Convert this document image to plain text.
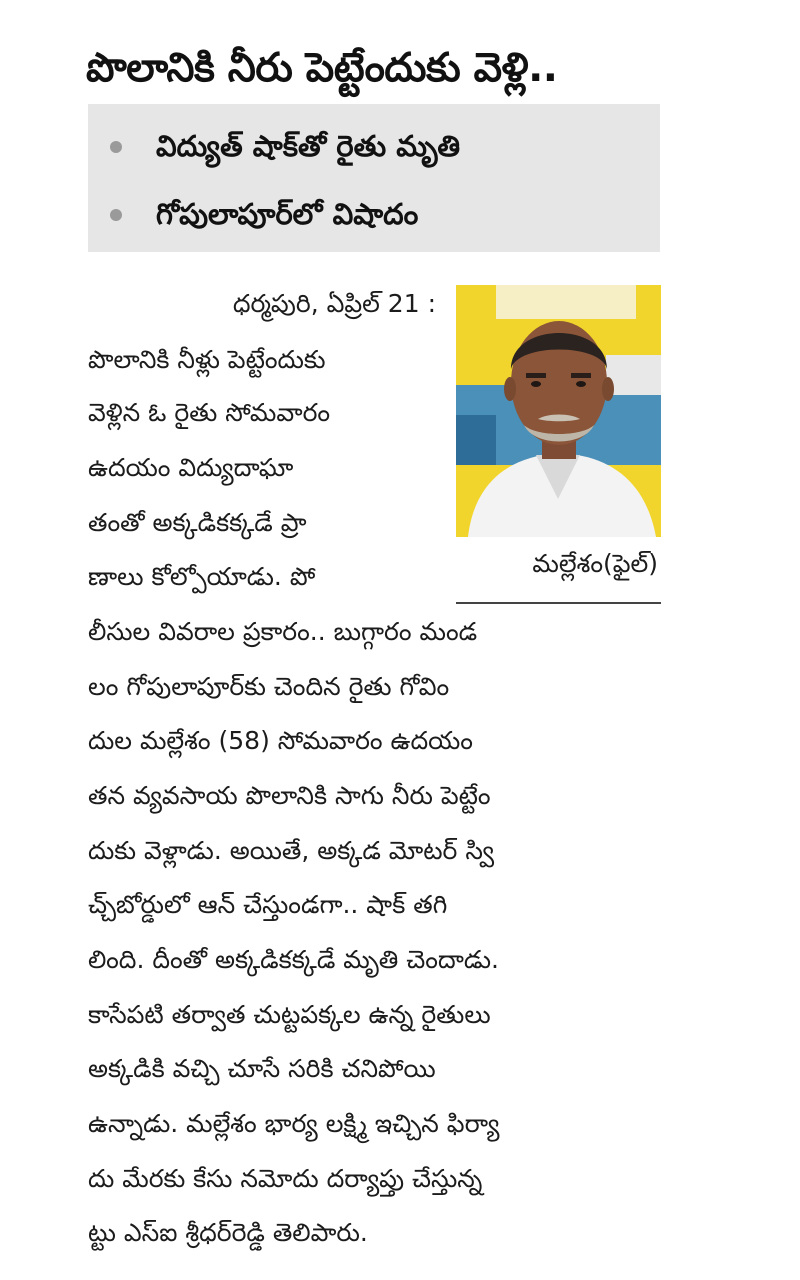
పొలానికి నీరు పెట్టేందుకు వెళ్లి..
విద్యుత్ షాక్‌తో రైతు మృతి
గోపులాపూర్‌లో విషాదం
మల్లేశం(ఫైల్)
ధర్మపురి, ఏప్రిల్ 21 :
పొలానికి నీళ్లు పెట్టేందుకు
వెళ్లిన ఓ రైతు సోమవారం
ఉదయం విద్యుదాఘా
తంతో అక్కడికక్కడే ప్రా
ణాలు కోల్పోయాడు. పో
లీసుల వివరాల ప్రకారం.. బుగ్గారం మండ
లం గోపులాపూర్‌కు చెందిన రైతు గోవిం
దుల మల్లేశం (58) సోమవారం ఉదయం
తన వ్యవసాయ పొలానికి సాగు నీరు పెట్టేం
దుకు వెళ్లాడు. అయితే, అక్కడ మోటర్ స్వి
చ్చ్‌బోర్డులో ఆన్ చేస్తుండగా.. షాక్ తగి
లింది. దీంతో అక్కడికక్కడే మృతి చెందాడు.
కాసేపటి తర్వాత చుట్టపక్కల ఉన్న రైతులు
అక్కడికి వచ్చి చూసే సరికి చనిపోయి
ఉన్నాడు. మల్లేశం భార్య లక్ష్మి ఇచ్చిన ఫిర్యా
దు మేరకు కేసు నమోదు దర్యాప్తు చేస్తున్న
ట్టు ఎస్ఐ శ్రీధర్‌రెడ్డి తెలిపారు.
